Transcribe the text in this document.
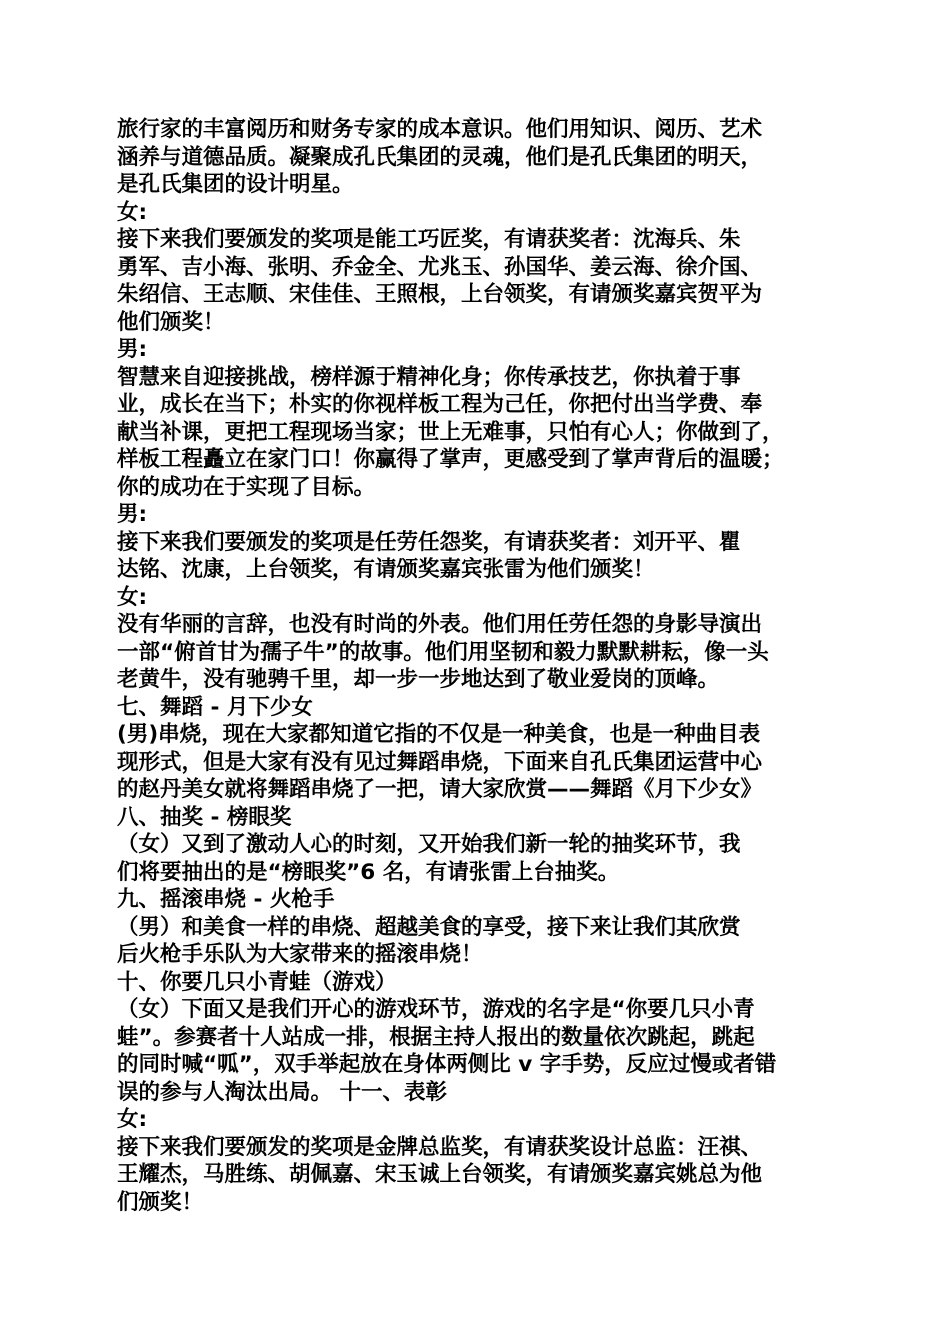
旅行家的丰富阅历和财务专家的成本意识。他们用知识、阅历、艺术
涵养与道德品质。凝聚成孔氏集团的灵魂，他们是孔氏集团的明天，
是孔氏集团的设计明星。
女:
接下来我们要颁发的奖项是能工巧匠奖，有请获奖者：沈海兵、朱
勇军、吉小海、张明、乔金全、尤兆玉、孙国华、姜云海、徐介国、
朱绍信、王志顺、宋佳佳、王照根，上台领奖，有请颁奖嘉宾贺平为
他们颁奖！
男:
智慧来自迎接挑战，榜样源于精神化身；你传承技艺，你执着于事
业，成长在当下；朴实的你视样板工程为己任，你把付出当学费、奉
献当补课，更把工程现场当家；世上无难事，只怕有心人；你做到了，
样板工程矗立在家门口！你赢得了掌声，更感受到了掌声背后的温暖；
你的成功在于实现了目标。
男:
接下来我们要颁发的奖项是任劳任怨奖，有请获奖者：刘开平、瞿
达铭、沈康，上台领奖，有请颁奖嘉宾张雷为他们颁奖！
女:
没有华丽的言辞，也没有时尚的外表。他们用任劳任怨的身影导演出
一部“俯首甘为孺子牛”的故事。他们用坚韧和毅力默默耕耘，像一头
老黄牛，没有驰骋千里，却一步一步地达到了敬业爱岗的顶峰。
七、舞蹈 - 月下少女
(男)串烧，现在大家都知道它指的不仅是一种美食，也是一种曲目表
现形式，但是大家有没有见过舞蹈串烧，下面来自孔氏集团运营中心
的赵丹美女就将舞蹈串烧了一把，请大家欣赏——舞蹈《月下少女》
八、抽奖 - 榜眼奖
（女）又到了激动人心的时刻，又开始我们新一轮的抽奖环节，我
们将要抽出的是“榜眼奖”6 名，有请张雷上台抽奖。
九、摇滚串烧 - 火枪手
（男）和美食一样的串烧、超越美食的享受，接下来让我们其欣赏
后火枪手乐队为大家带来的摇滚串烧！
十、你要几只小青蛙（游戏）
（女）下面又是我们开心的游戏环节，游戏的名字是“你要几只小青
蛙”。参赛者十人站成一排，根据主持人报出的数量依次跳起，跳起
的同时喊“呱”，双手举起放在身体两侧比 v 字手势，反应过慢或者错
误的参与人淘汰出局。 十一、表彰
女:
接下来我们要颁发的奖项是金牌总监奖，有请获奖设计总监：汪祺、
王耀杰，马胜练、胡佩嘉、宋玉诚上台领奖，有请颁奖嘉宾姚总为他
们颁奖！
